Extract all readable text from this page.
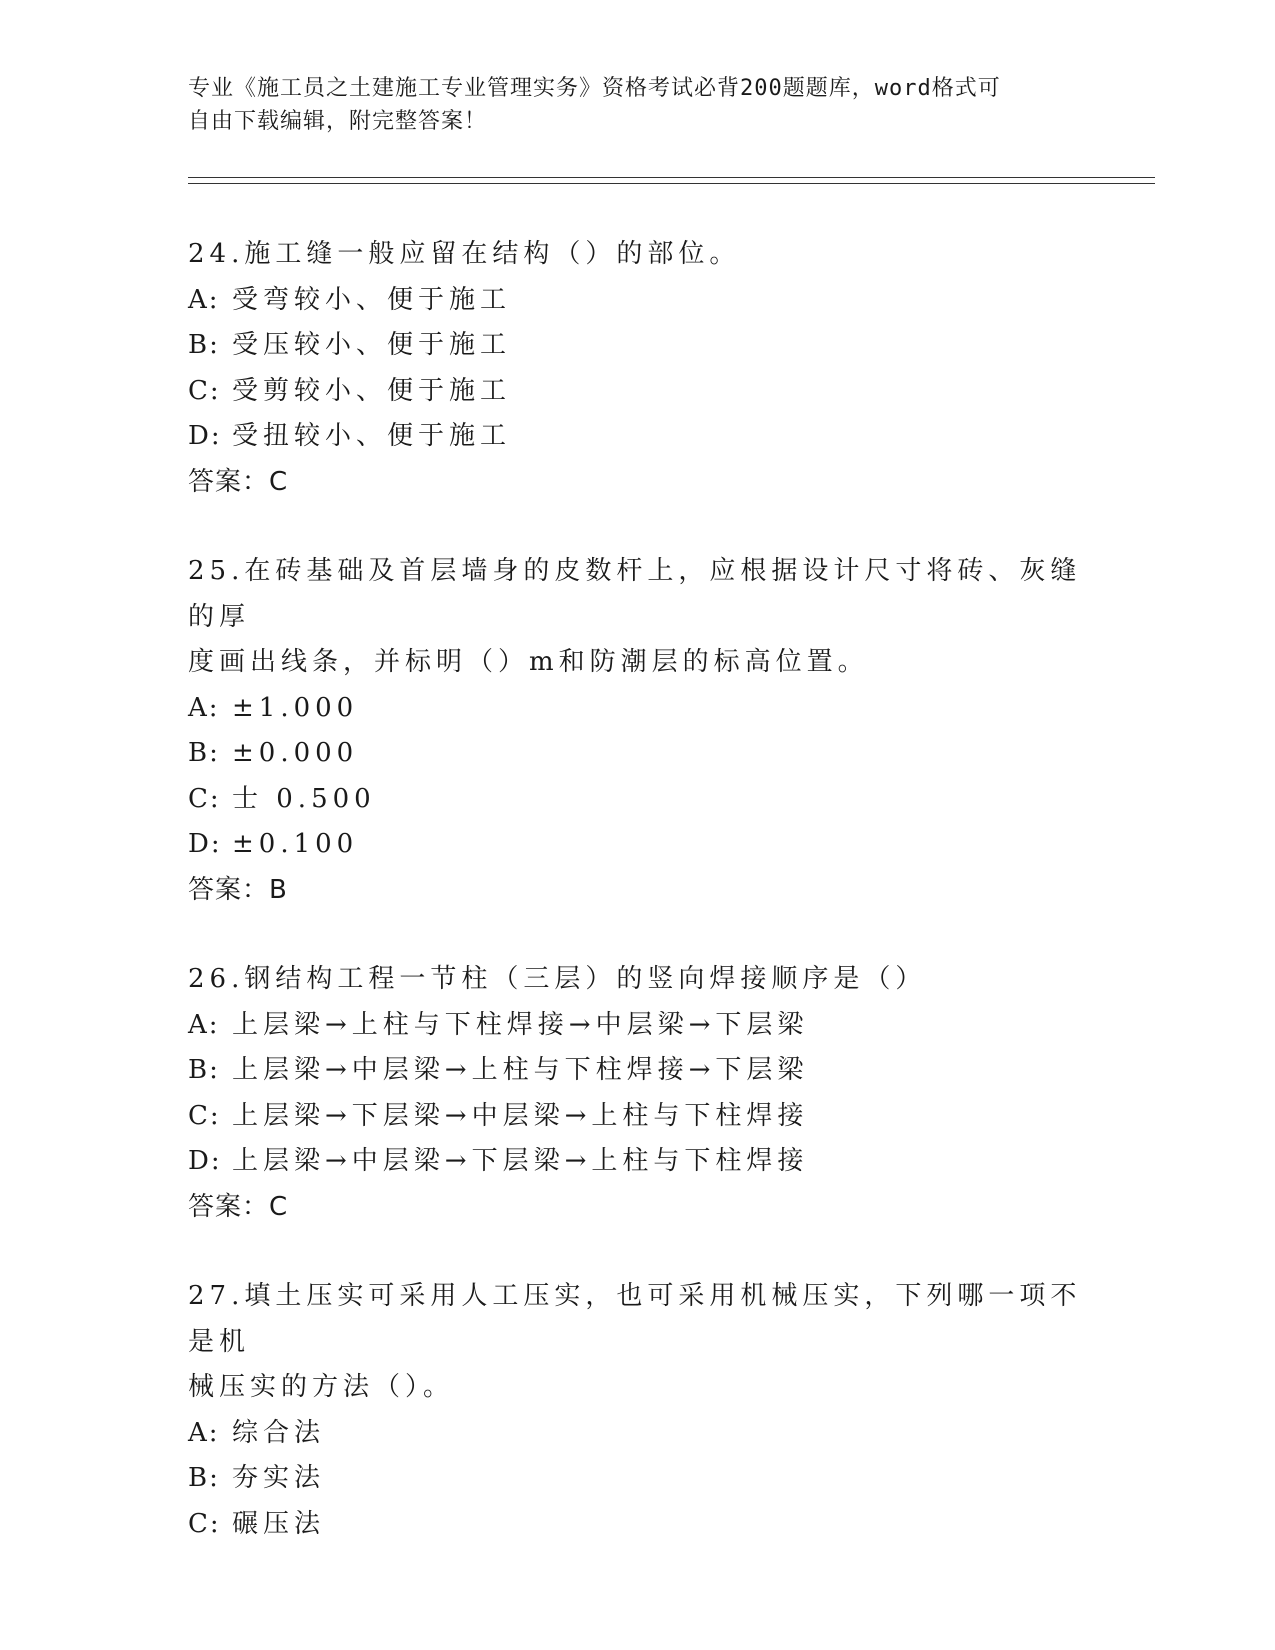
专业《施工员之土建施工专业管理实务》资格考试必背200题题库，word格式可
自由下载编辑，附完整答案！
24.施工缝一般应留在结构（）的部位。
A: 受弯较小、便于施工
B: 受压较小、便于施工
C: 受剪较小、便于施工
D: 受扭较小、便于施工
答案：C
25.在砖基础及首层墙身的皮数杆上，应根据设计尺寸将砖、灰缝的厚
度画出线条，并标明（）m和防潮层的标高位置。
A: ±1.000
B: ±0.000
C: 士 0.500
D: ±0.100
答案：B
26.钢结构工程一节柱（三层）的竖向焊接顺序是（）
A: 上层梁→上柱与下柱焊接→中层梁→下层梁
B: 上层梁→中层梁→上柱与下柱焊接→下层梁
C: 上层梁→下层梁→中层梁→上柱与下柱焊接
D: 上层梁→中层梁→下层梁→上柱与下柱焊接
答案：C
27.填土压实可采用人工压实，也可采用机械压实，下列哪一项不是机
械压实的方法（）。
A: 综合法
B: 夯实法
C: 碾压法
